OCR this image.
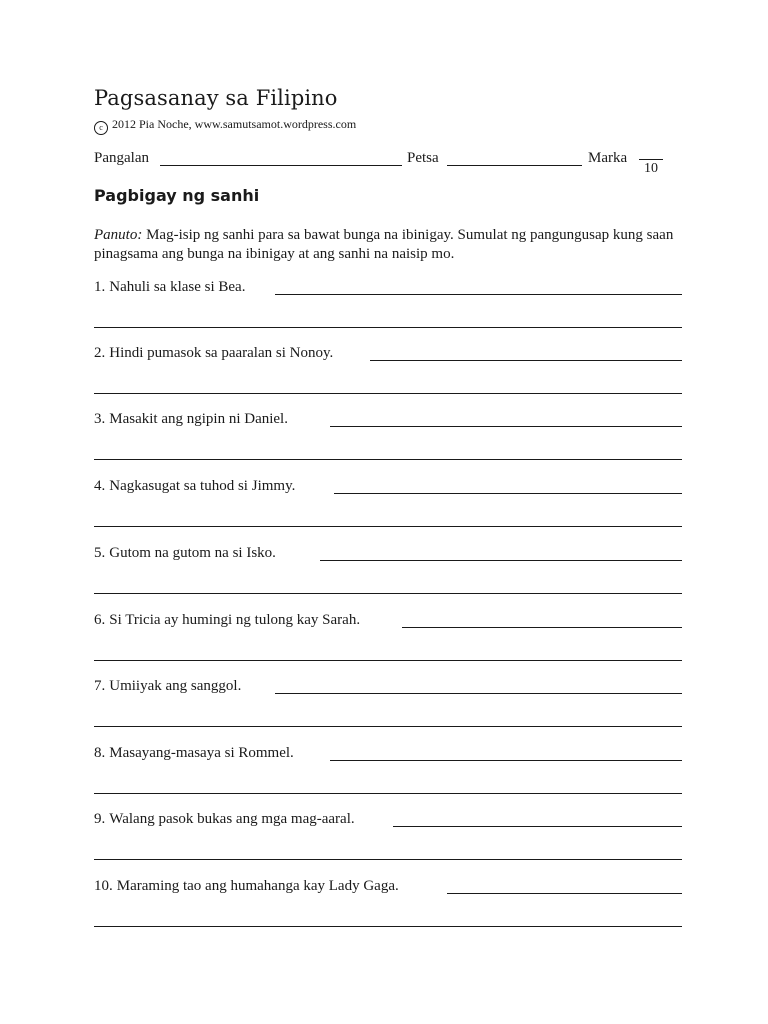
Pagsasanay sa Filipino
c 2012 Pia Noche, www.samutsamot.wordpress.com
Pangalan	Petsa	Marka
10
Pagbigay ng sanhi
Panuto: Mag-isip ng sanhi para sa bawat bunga na ibinigay. Sumulat ng pangungusap kung saan pinagsama ang bunga na ibinigay at ang sanhi na naisip mo.
1. Nahuli sa klase si Bea.
2. Hindi pumasok sa paaralan si Nonoy.
3. Masakit ang ngipin ni Daniel.
4. Nagkasugat sa tuhod si Jimmy.
5. Gutom na gutom na si Isko.
6. Si Tricia ay humingi ng tulong kay Sarah.
7. Umiiyak ang sanggol.
8. Masayang-masaya si Rommel.
9. Walang pasok bukas ang mga mag-aaral.
10. Maraming tao ang humahanga kay Lady Gaga.
